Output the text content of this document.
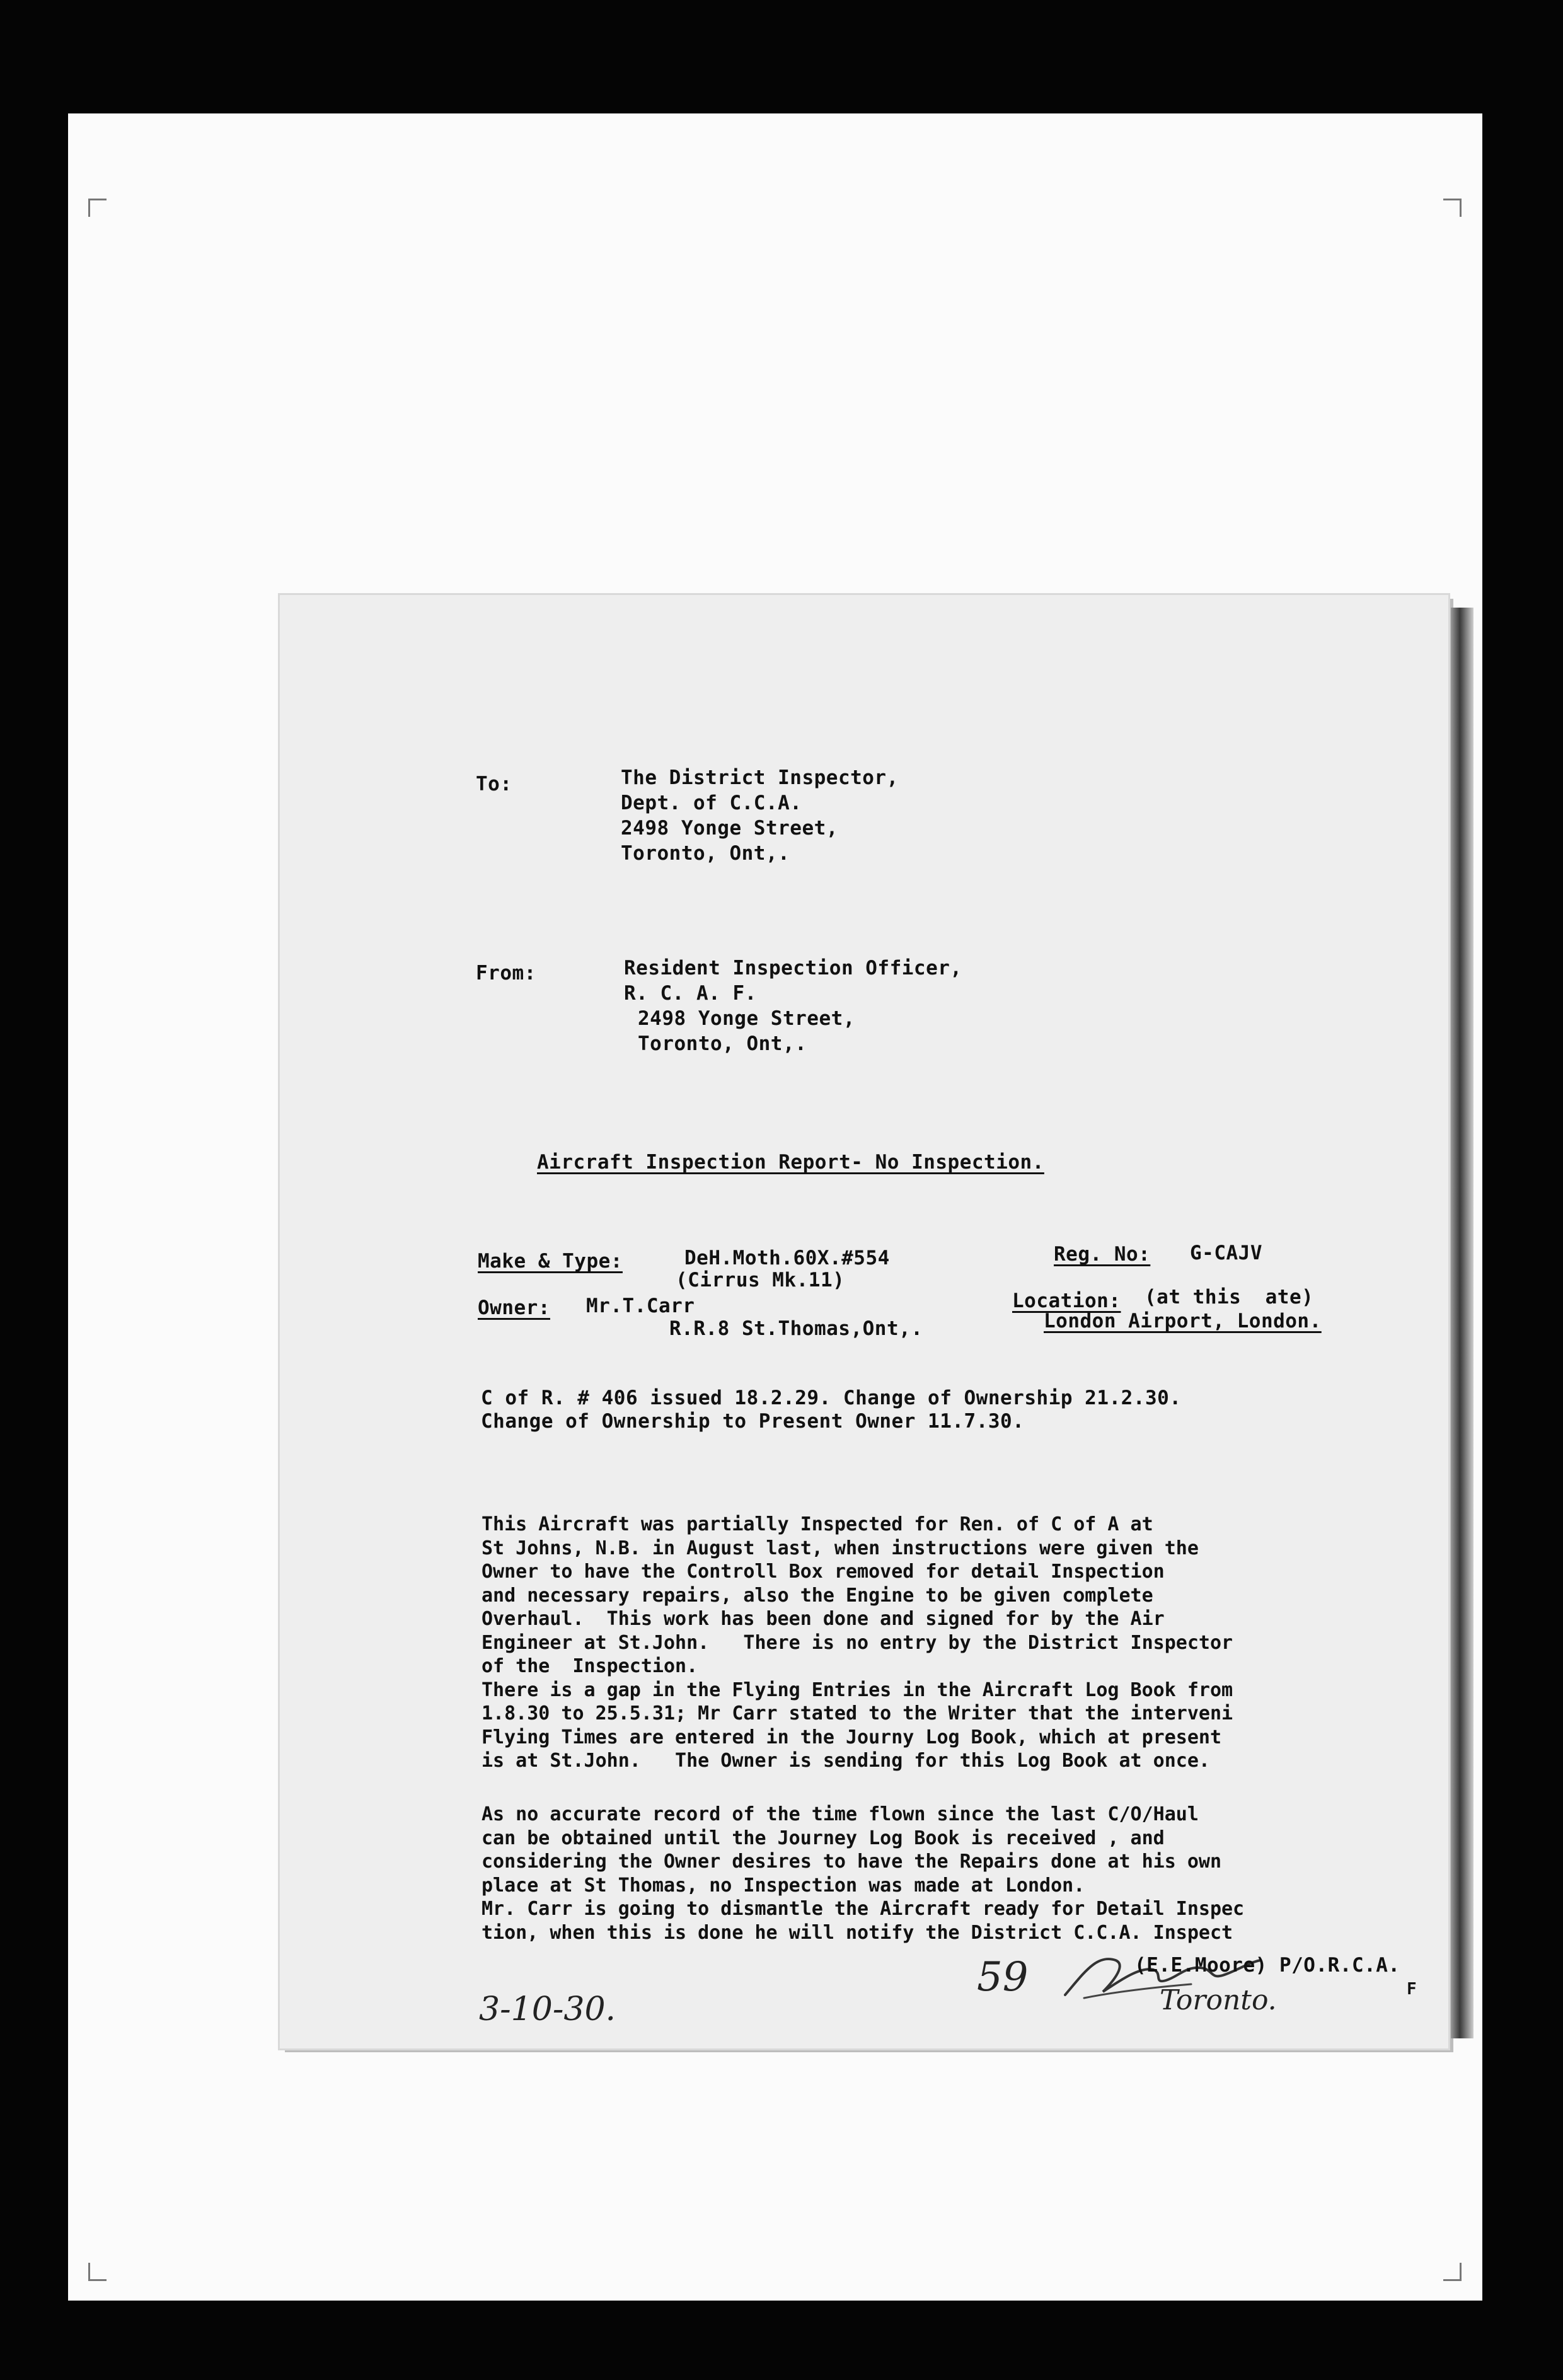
To:	The District Inspector,
Dept. of C.C.A.
2498 Yonge Street,
Toronto, Ont,.
From:	Resident Inspection Officer,
R. C. A. F.
2498 Yonge Street,
Toronto, Ont,.
Aircraft Inspection Report- No Inspection.
Make & Type:	DeH.Moth.60X.#554
(Cirrus Mk.11)
Reg. No: G-CAJV
Owner: Mr.T.Carr
R.R.8 St.Thomas,Ont,.
Location: (at this  ate)
London Airport, London.
C of R. # 406 issued 18.2.29. Change of Ownership 21.2.30.
Change of Ownership to Present Owner 11.7.30.
This Aircraft was partially Inspected for Ren. of C of A at
St Johns, N.B. in August last, when instructions were given the
Owner to have the Controll Box removed for detail Inspection
and necessary repairs, also the Engine to be given complete
Overhaul.  This work has been done and signed for by the Air
Engineer at St.John.   There is no entry by the District Inspector
of the  Inspection.
There is a gap in the Flying Entries in the Aircraft Log Book from
1.8.30 to 25.5.31; Mr Carr stated to the Writer that the interveni
Flying Times are entered in the Journy Log Book, which at present
is at St.John.   The Owner is sending for this Log Book at once.
As no accurate record of the time flown since the last C/O/Haul
can be obtained until the Journey Log Book is received , and
considering the Owner desires to have the Repairs done at his own
place at St Thomas, no Inspection was made at London.
Mr. Carr is going to dismantle the Aircraft ready for Detail Inspec
tion, when this is done he will notify the District C.C.A. Inspect
(E.E.Moore) P/O.R.C.A.
F
Toronto.
3-10-30.
59
